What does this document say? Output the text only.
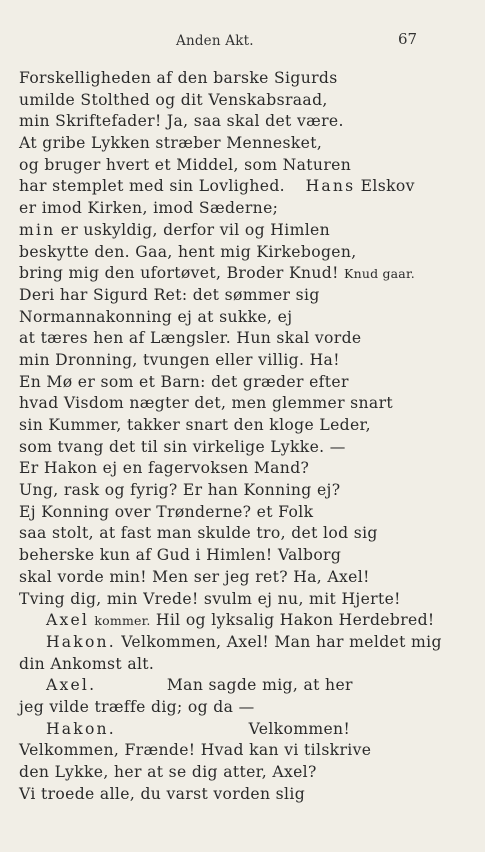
Anden Akt.	67
Forskelligheden af den barske Sigurds
umilde Stolthed og dit Venskabsraad,
min Skriftefader! Ja, saa skal det være.
At gribe Lykken stræber Mennesket,
og bruger hvert et Middel, som Naturen
har stemplet med sin Lovlighed. Hans Elskov
er imod Kirken, imod Sæderne;
min er uskyldig, derfor vil og Himlen
beskytte den. Gaa, hent mig Kirkebogen,
bring mig den ufortøvet, Broder Knud! Knud gaar.
Deri har Sigurd Ret: det sømmer sig
Normannakonning ej at sukke, ej
at tæres hen af Længsler. Hun skal vorde
min Dronning, tvungen eller villig. Ha!
En Mø er som et Barn: det græder efter
hvad Visdom nægter det, men glemmer snart
sin Kummer, takker snart den kloge Leder,
som tvang det til sin virkelige Lykke. —
Er Hakon ej en fagervoksen Mand?
Ung, rask og fyrig? Er han Konning ej?
Ej Konning over Trønderne? et Folk
saa stolt, at fast man skulde tro, det lod sig
beherske kun af Gud i Himlen! Valborg
skal vorde min! Men ser jeg ret? Ha, Axel!
Tving dig, min Vrede! svulm ej nu, mit Hjerte!
Axel kommer. Hil og lyksalig Hakon Herdebred!
Hakon. Velkommen, Axel! Man har meldet mig
din Ankomst alt.
Axel.	Man sagde mig, at her
jeg vilde træffe dig; og da —
Hakon.	Velkommen!
Velkommen, Frænde! Hvad kan vi tilskrive
den Lykke, her at se dig atter, Axel?
Vi troede alle, du varst vorden slig
